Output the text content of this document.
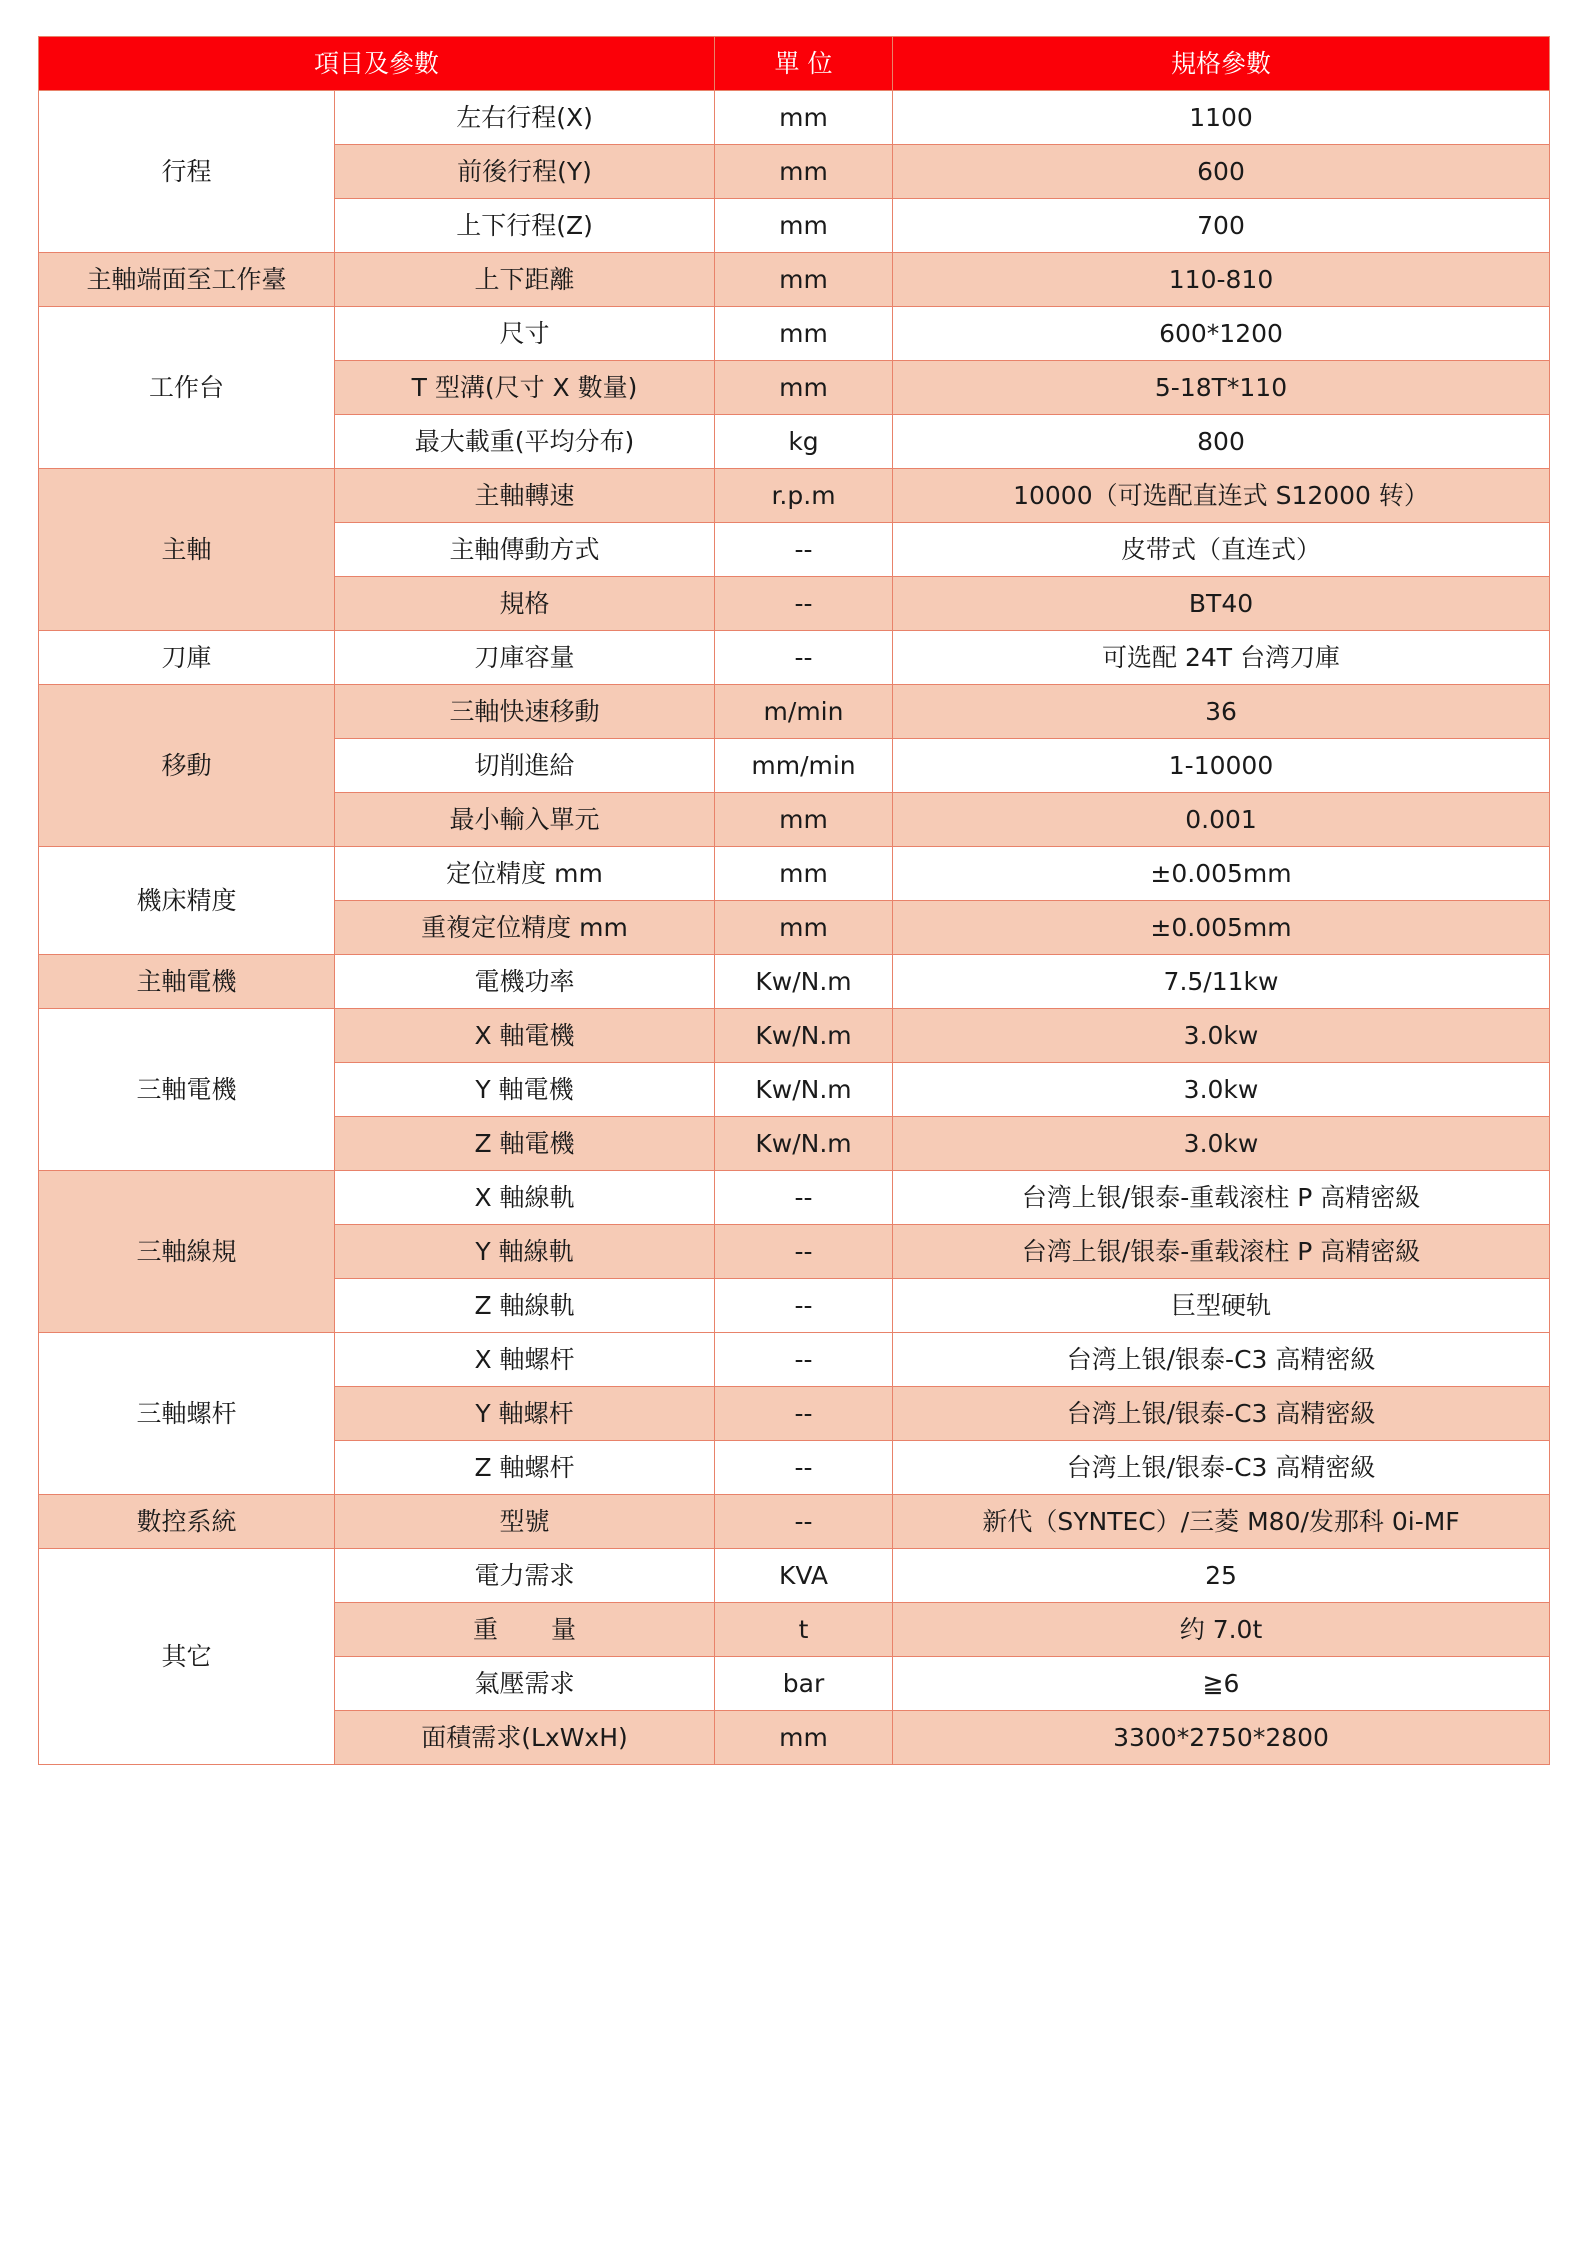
項目及參數		單 位	規格參數
行程	左右行程(X)	mm	1100
	前後行程(Y)	mm	600
	上下行程(Z)	mm	700
主軸端面至工作臺	上下距離	mm	110-810
工作台	尺寸	mm	600*1200
	T 型溝(尺寸 X 數量)	mm	5-18T*110
	最大載重(平均分布)	kg	800
主軸	主軸轉速	r.p.m	10000（可选配直连式 S12000 转）
	主軸傳動方式	--	皮带式（直连式）
	規格	--	BT40
刀庫	刀庫容量	--	可选配 24T 台湾刀庫
移動	三軸快速移動	m/min	36
	切削進給	mm/min	1-10000
	最小輸入單元	mm	0.001
機床精度	定位精度 mm	mm	±0.005mm
	重複定位精度 mm	mm	±0.005mm
主軸電機	電機功率	Kw/N.m	7.5/11kw
三軸電機	X 軸電機	Kw/N.m	3.0kw
	Y 軸電機	Kw/N.m	3.0kw
	Z 軸電機	Kw/N.m	3.0kw
三軸線規	X 軸線軌	--	台湾上银/银泰-重载滚柱 P 高精密級
	Y 軸線軌	--	台湾上银/银泰-重载滚柱 P 高精密級
	Z 軸線軌	--	巨型硬轨
三軸螺杆	X 軸螺杆	--	台湾上银/银泰-C3 高精密級
	Y 軸螺杆	--	台湾上银/银泰-C3 高精密級
	Z 軸螺杆	--	台湾上银/银泰-C3 高精密級
數控系統	型號	--	新代（SYNTEC）/三菱 M80/发那科 0i-MF
其它	電力需求	KVA	25
	重　量	t	约 7.0t
	氣壓需求	bar	≧6
	面積需求(LxWxH)	mm	3300*2750*2800
